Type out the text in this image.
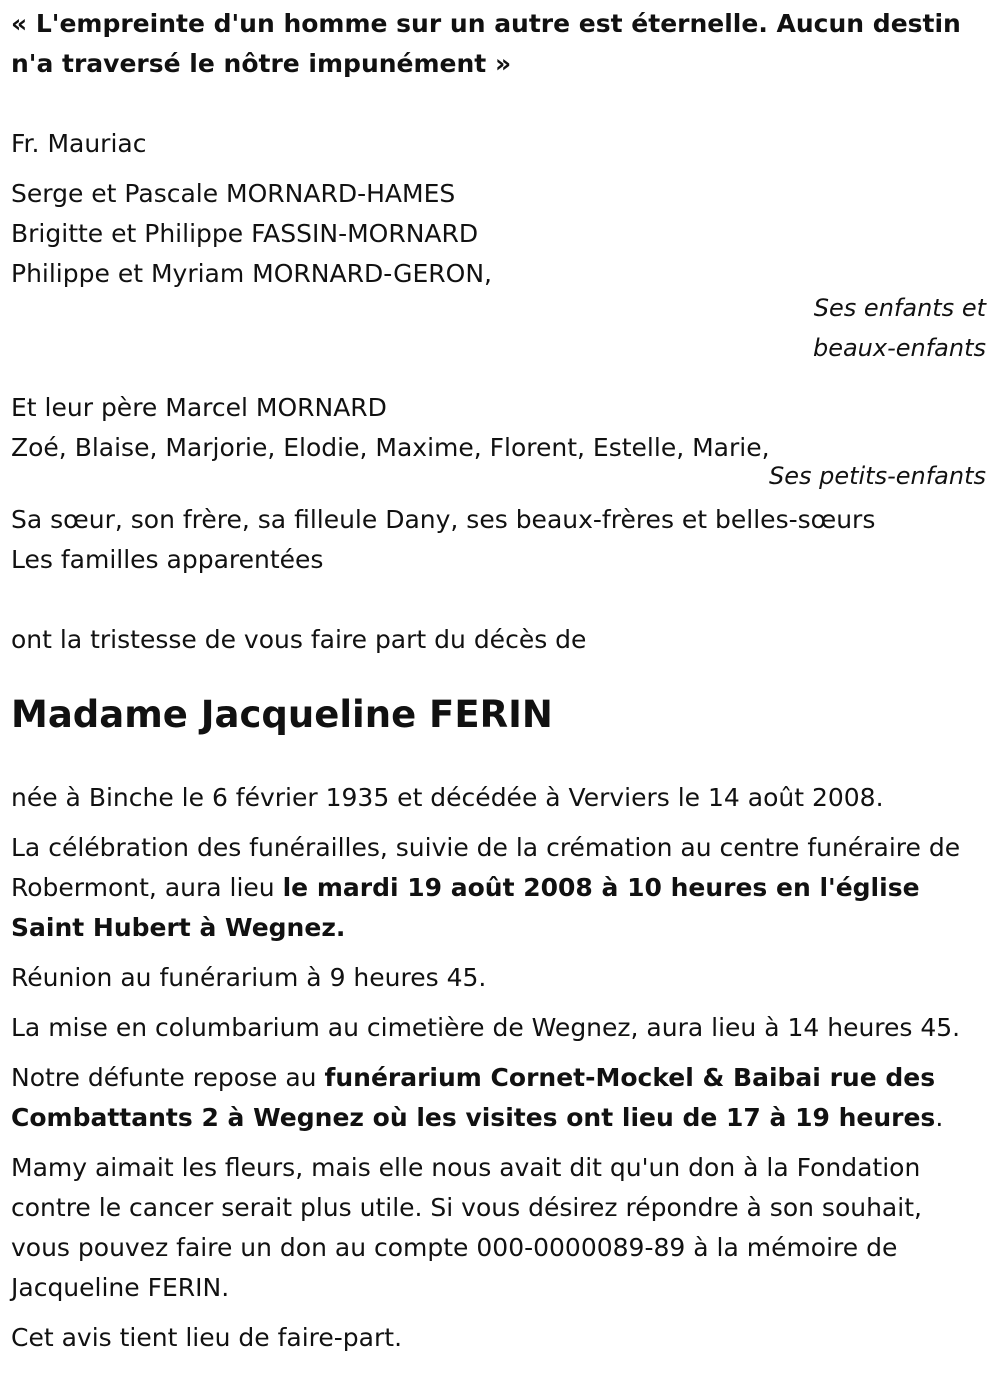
« L'empreinte d'un homme sur un autre est éternelle. Aucun destin n'a traversé le nôtre impunément »

Fr. Mauriac

Serge et Pascale MORNARD-HAMES

Brigitte et Philippe FASSIN-MORNARD

Philippe et Myriam MORNARD-GERON,

Ses enfants et

beaux-enfants

Et leur père Marcel MORNARD

Zoé, Blaise, Marjorie, Elodie, Maxime, Florent, Estelle, Marie,

Ses petits-enfants

Sa sœur, son frère, sa filleule Dany, ses beaux-frères et belles-sœurs

Les familles apparentées

ont la tristesse de vous faire part du décès de

Madame Jacqueline FERIN

née à Binche le 6 février 1935 et décédée à Verviers le 14 août 2008.

La célébration des funérailles, suivie de la crémation au centre funéraire de Robermont, aura lieu le mardi 19 août 2008 à 10 heures en l'église Saint Hubert à Wegnez.

Réunion au funérarium à 9 heures 45.

La mise en columbarium au cimetière de Wegnez, aura lieu à 14 heures 45.

Notre défunte repose au funérarium Cornet-Mockel & Baibai rue des Combattants 2 à Wegnez où les visites ont lieu de 17 à 19 heures.

Mamy aimait les fleurs, mais elle nous avait dit qu'un don à la Fondation contre le cancer serait plus utile. Si vous désirez répondre à son souhait, vous pouvez faire un don au compte 000-0000089-89 à la mémoire de Jacqueline FERIN.

Cet avis tient lieu de faire-part.
